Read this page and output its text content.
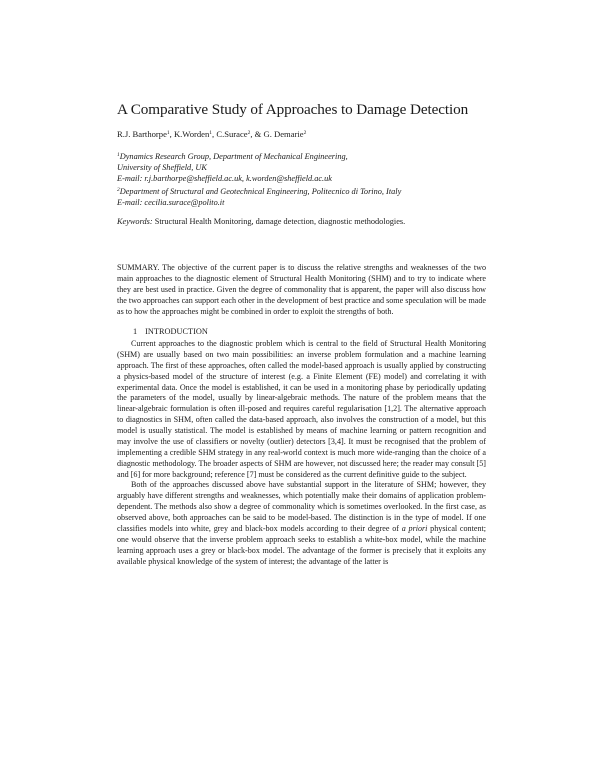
A Comparative Study of Approaches to Damage Detection
R.J. Barthorpe$^1$, K.Worden$^1$, C.Surace$^2$, & G. Demarie$^2$
$^1$Dynamics Research Group, Department of Mechanical Engineering,
University of Sheffield, UK
E-mail: r.j.barthorpe@sheffield.ac.uk, k.worden@sheffield.ac.uk
$^2$Department of Structural and Geotechnical Engineering, Politecnico di Torino, Italy
E-mail: cecilia.surace@polito.it
Keywords: Structural Health Monitoring, damage detection, diagnostic methodologies.
SUMMARY. The objective of the current paper is to discuss the relative strengths and weaknesses of the two main approaches to the diagnostic element of Structural Health Monitoring (SHM) and to try to indicate where they are best used in practice. Given the degree of commonality that is apparent, the paper will also discuss how the two approaches can support each other in the development of best practice and some speculation will be made as to how the approaches might be combined in order to exploit the strengths of both.
1 INTRODUCTION

Current approaches to the diagnostic problem which is central to the field of Structural Health Monitoring (SHM) are usually based on two main possibilities: an inverse problem formulation and a machine learning approach. The first of these approaches, often called the model-based approach is usually applied by constructing a physics-based model of the structure of interest (e.g. a Finite Element (FE) model) and correlating it with experimental data. Once the model is established, it can be used in a monitoring phase by periodically updating the parameters of the model, usually by linear-algebraic methods. The nature of the problem means that the linear-algebraic formulation is often ill-posed and requires careful regularisation [1,2]. The alternative approach to diagnostics in SHM, often called the data-based approach, also involves the construction of a model, but this model is usually statistical. The model is established by means of machine learning or pattern recognition and may involve the use of classifiers or novelty (outlier) detectors [3,4]. It must be recognised that the problem of implementing a credible SHM strategy in any real-world context is much more wide-ranging than the choice of a diagnostic methodology. The broader aspects of SHM are however, not discussed here; the reader may consult [5] and [6] for more background; reference [7] must be considered as the current definitive guide to the subject.

Both of the approaches discussed above have substantial support in the literature of SHM; however, they arguably have different strengths and weaknesses, which potentially make their domains of application problem-dependent. The methods also show a degree of commonality which is sometimes overlooked. In the first case, as observed above, both approaches can be said to be model-based. The distinction is in the type of model. If one classifies models into white, grey and black-box models according to their degree of a priori physical content; one would observe that the inverse problem approach seeks to establish a white-box model, while the machine learning approach uses a grey or black-box model. The advantage of the former is precisely that it exploits any available physical knowledge of the system of interest; the advantage of the latter is
